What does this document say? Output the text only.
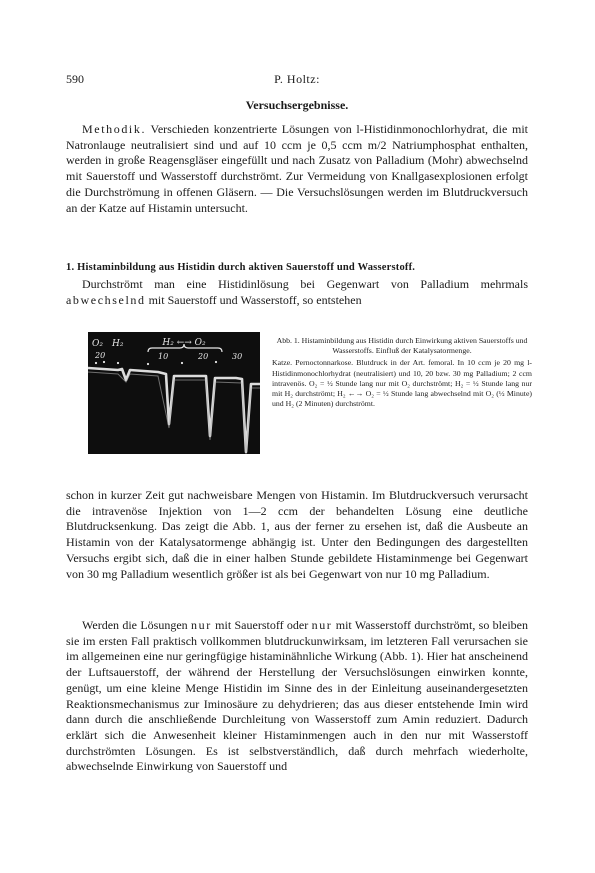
590	P. Holtz:
Versuchsergebnisse.

Methodik. Verschieden konzentrierte Lösungen von l-Histidinmonochlorhydrat, die mit Natronlauge neutralisiert sind und auf 10 ccm je 0,5 ccm m/2 Natriumphosphat enthalten, werden in große Reagensgläser eingefüllt und nach Zusatz von Palladium (Mohr) abwechselnd mit Sauerstoff und Wasserstoff durchströmt. Zur Vermeidung von Knallgasexplosionen erfolgt die Durchströmung in offenen Gläsern. — Die Versuchslösungen werden im Blutdruckversuch an der Katze auf Histamin untersucht.

1. Histaminbildung aus Histidin durch aktiven Sauerstoff und Wasserstoff.

Durchströmt man eine Histidinlösung bei Gegenwart von Palladium mehrmals abwechselnd mit Sauerstoff und Wasserstoff, so entstehen

O₂ H₂	H₂ ←→ O₂
20	10	20	30

Abb. 1. Histaminbildung aus Histidin durch Einwirkung aktiven Sauerstoffs und Wasserstoffs. Einfluß der Katalysatormenge.

Katze. Pernoctonnarkose. Blutdruck in der Art. femoral. In 10 ccm je 20 mg l-Histidinmonochlorhydrat (neutralisiert) und 10, 20 bzw. 30 mg Palladium; 2 ccm intravenös. O₂ = ½ Stunde lang nur mit O₂ durchströmt; H₂ = ½ Stunde lang nur mit H₂ durchströmt; H₂ ←→ O₂ = ½ Stunde lang abwechselnd mit O₂ (½ Minute) und H₂ (2 Minuten) durchströmt.

schon in kurzer Zeit gut nachweisbare Mengen von Histamin. Im Blutdruckversuch verursacht die intravenöse Injektion von 1—2 ccm der behandelten Lösung eine deutliche Blutdrucksenkung. Das zeigt die Abb. 1, aus der ferner zu ersehen ist, daß die Ausbeute an Histamin von der Katalysatormenge abhängig ist. Unter den Bedingungen des dargestellten Versuchs ergibt sich, daß die in einer halben Stunde gebildete Histaminmenge bei Gegenwart von 30 mg Palladium wesentlich größer ist als bei Gegenwart von nur 10 mg Palladium.

Werden die Lösungen nur mit Sauerstoff oder nur mit Wasserstoff durchströmt, so bleiben sie im ersten Fall praktisch vollkommen blutdruckunwirksam, im letzteren Fall verursachen sie im allgemeinen eine nur geringfügige histaminähnliche Wirkung (Abb. 1). Hier hat anscheinend der Luftsauerstoff, der während der Herstellung der Versuchslösungen einwirken konnte, genügt, um eine kleine Menge Histidin im Sinne des in der Einleitung auseinandergesetzten Reaktionsmechanismus zur Iminosäure zu dehydrieren; das aus dieser entstehende Imin wird dann durch die anschließende Durchleitung von Wasserstoff zum Amin reduziert. Dadurch erklärt sich die Anwesenheit kleiner Histaminmengen auch in den nur mit Wasserstoff durchströmten Lösungen. Es ist selbstverständlich, daß durch mehrfach wiederholte, abwechselnde Einwirkung von Sauerstoff und
